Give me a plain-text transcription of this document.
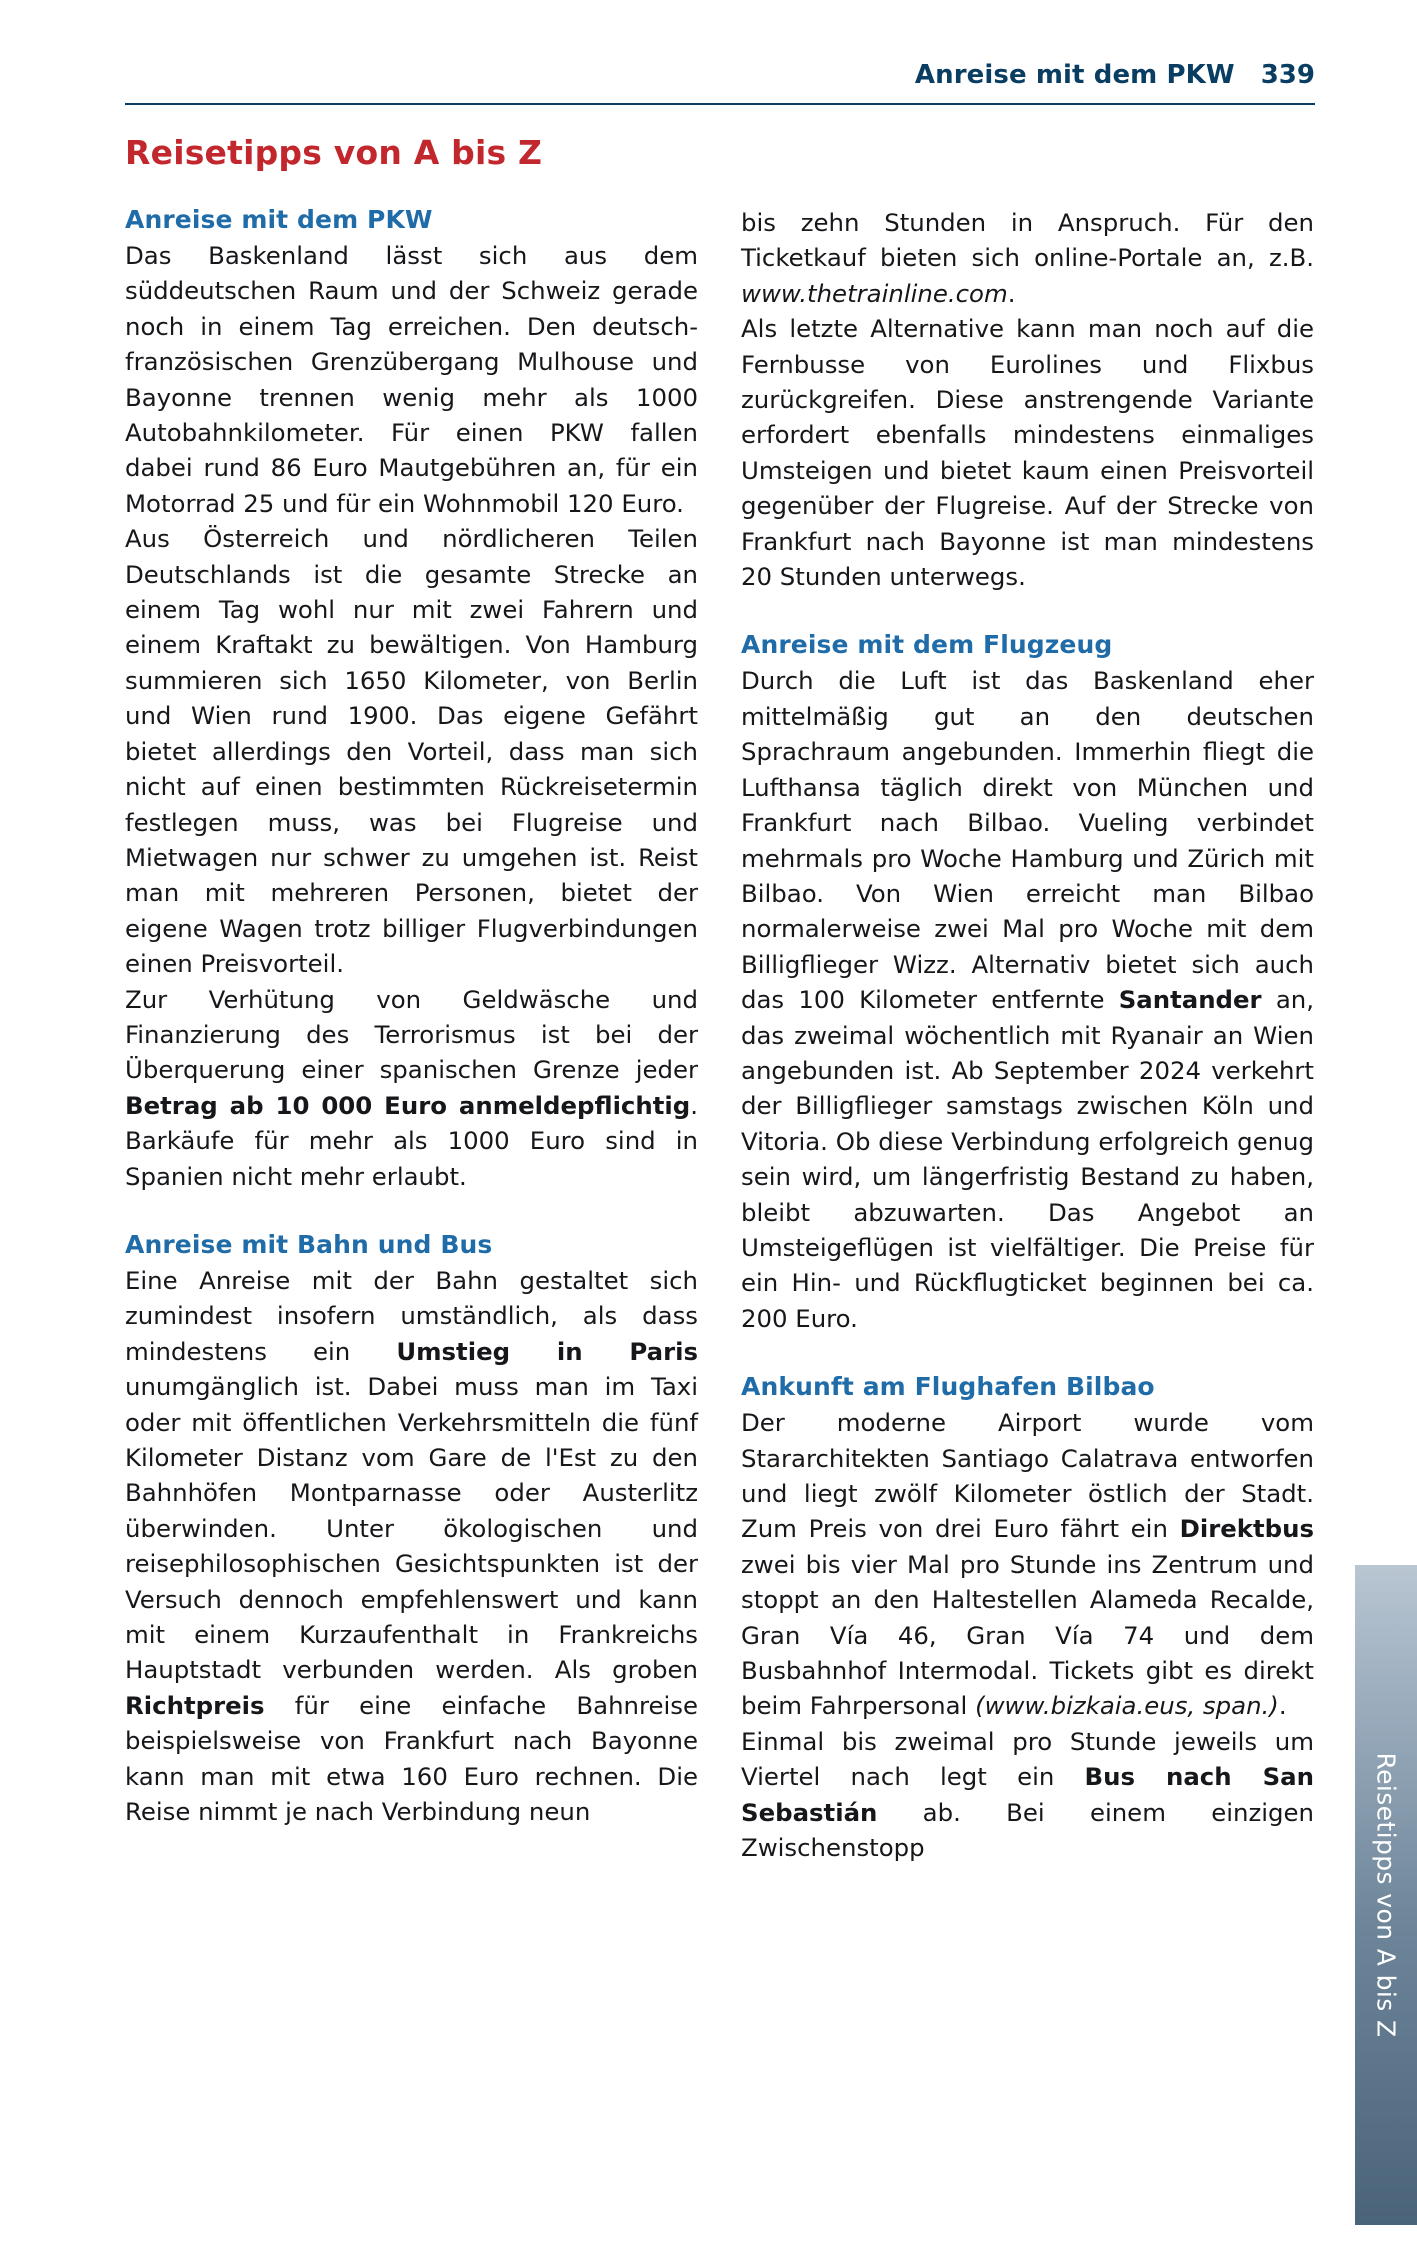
Anreise mit dem PKW 339
Reisetipps von A bis Z
Anreise mit dem PKW

Das Baskenland lässt sich aus dem süddeutschen Raum und der Schweiz gerade noch in einem Tag erreichen. Den deutsch-französischen Grenzübergang Mulhouse und Bayonne trennen wenig mehr als 1000 Autobahnkilometer. Für einen PKW fallen dabei rund 86 Euro Mautgebühren an, für ein Motorrad 25 und für ein Wohnmobil 120 Euro.

Aus Österreich und nördlicheren Teilen Deutschlands ist die gesamte Strecke an einem Tag wohl nur mit zwei Fahrern und einem Kraftakt zu bewältigen. Von Hamburg summieren sich 1650 Kilometer, von Berlin und Wien rund 1900. Das eigene Gefährt bietet allerdings den Vorteil, dass man sich nicht auf einen bestimmten Rückreisetermin festlegen muss, was bei Flugreise und Mietwagen nur schwer zu umgehen ist. Reist man mit mehreren Personen, bietet der eigene Wagen trotz billiger Flugverbindungen einen Preisvorteil.

Zur Verhütung von Geldwäsche und Finanzierung des Terrorismus ist bei der Überquerung einer spanischen Grenze jeder Betrag ab 10 000 Euro anmeldepflichtig. Barkäufe für mehr als 1000 Euro sind in Spanien nicht mehr erlaubt.

Anreise mit Bahn und Bus

Eine Anreise mit der Bahn gestaltet sich zumindest insofern umständlich, als dass mindestens ein Umstieg in Paris unumgänglich ist. Dabei muss man im Taxi oder mit öffentlichen Verkehrsmitteln die fünf Kilometer Distanz vom Gare de l'Est zu den Bahnhöfen Montparnasse oder Austerlitz überwinden. Unter ökologischen und reisephilosophischen Gesichtspunkten ist der Versuch dennoch empfehlenswert und kann mit einem Kurzaufenthalt in Frankreichs Hauptstadt verbunden werden. Als groben Richtpreis für eine einfache Bahnreise beispielsweise von Frankfurt nach Bayonne kann man mit etwa 160 Euro rechnen. Die Reise nimmt je nach Verbindung neun

bis zehn Stunden in Anspruch. Für den Ticketkauf bieten sich online-Portale an, z.B. www.thetrainline.com.

Als letzte Alternative kann man noch auf die Fernbusse von Eurolines und Flixbus zurückgreifen. Diese anstrengende Variante erfordert ebenfalls mindestens einmaliges Umsteigen und bietet kaum einen Preisvorteil gegenüber der Flugreise. Auf der Strecke von Frankfurt nach Bayonne ist man mindestens 20 Stunden unterwegs.

Anreise mit dem Flugzeug

Durch die Luft ist das Baskenland eher mittelmäßig gut an den deutschen Sprachraum angebunden. Immerhin fliegt die Lufthansa täglich direkt von München und Frankfurt nach Bilbao. Vueling verbindet mehrmals pro Woche Hamburg und Zürich mit Bilbao. Von Wien erreicht man Bilbao normalerweise zwei Mal pro Woche mit dem Billigflieger Wizz. Alternativ bietet sich auch das 100 Kilometer entfernte Santander an, das zweimal wöchentlich mit Ryanair an Wien angebunden ist. Ab September 2024 verkehrt der Billigflieger samstags zwischen Köln und Vitoria. Ob diese Verbindung erfolgreich genug sein wird, um längerfristig Bestand zu haben, bleibt abzuwarten. Das Angebot an Umsteigeflügen ist vielfältiger. Die Preise für ein Hin- und Rückflugticket beginnen bei ca. 200 Euro.

Ankunft am Flughafen Bilbao

Der moderne Airport wurde vom Stararchitekten Santiago Calatrava entworfen und liegt zwölf Kilometer östlich der Stadt. Zum Preis von drei Euro fährt ein Direktbus zwei bis vier Mal pro Stunde ins Zentrum und stoppt an den Haltestellen Alameda Recalde, Gran Vía 46, Gran Vía 74 und dem Busbahnhof Intermodal. Tickets gibt es direkt beim Fahrpersonal (www.bizkaia.eus, span.).

Einmal bis zweimal pro Stunde jeweils um Viertel nach legt ein Bus nach San Sebastián ab. Bei einem einzigen Zwischenstopp	Reisetipps von A bis Z
